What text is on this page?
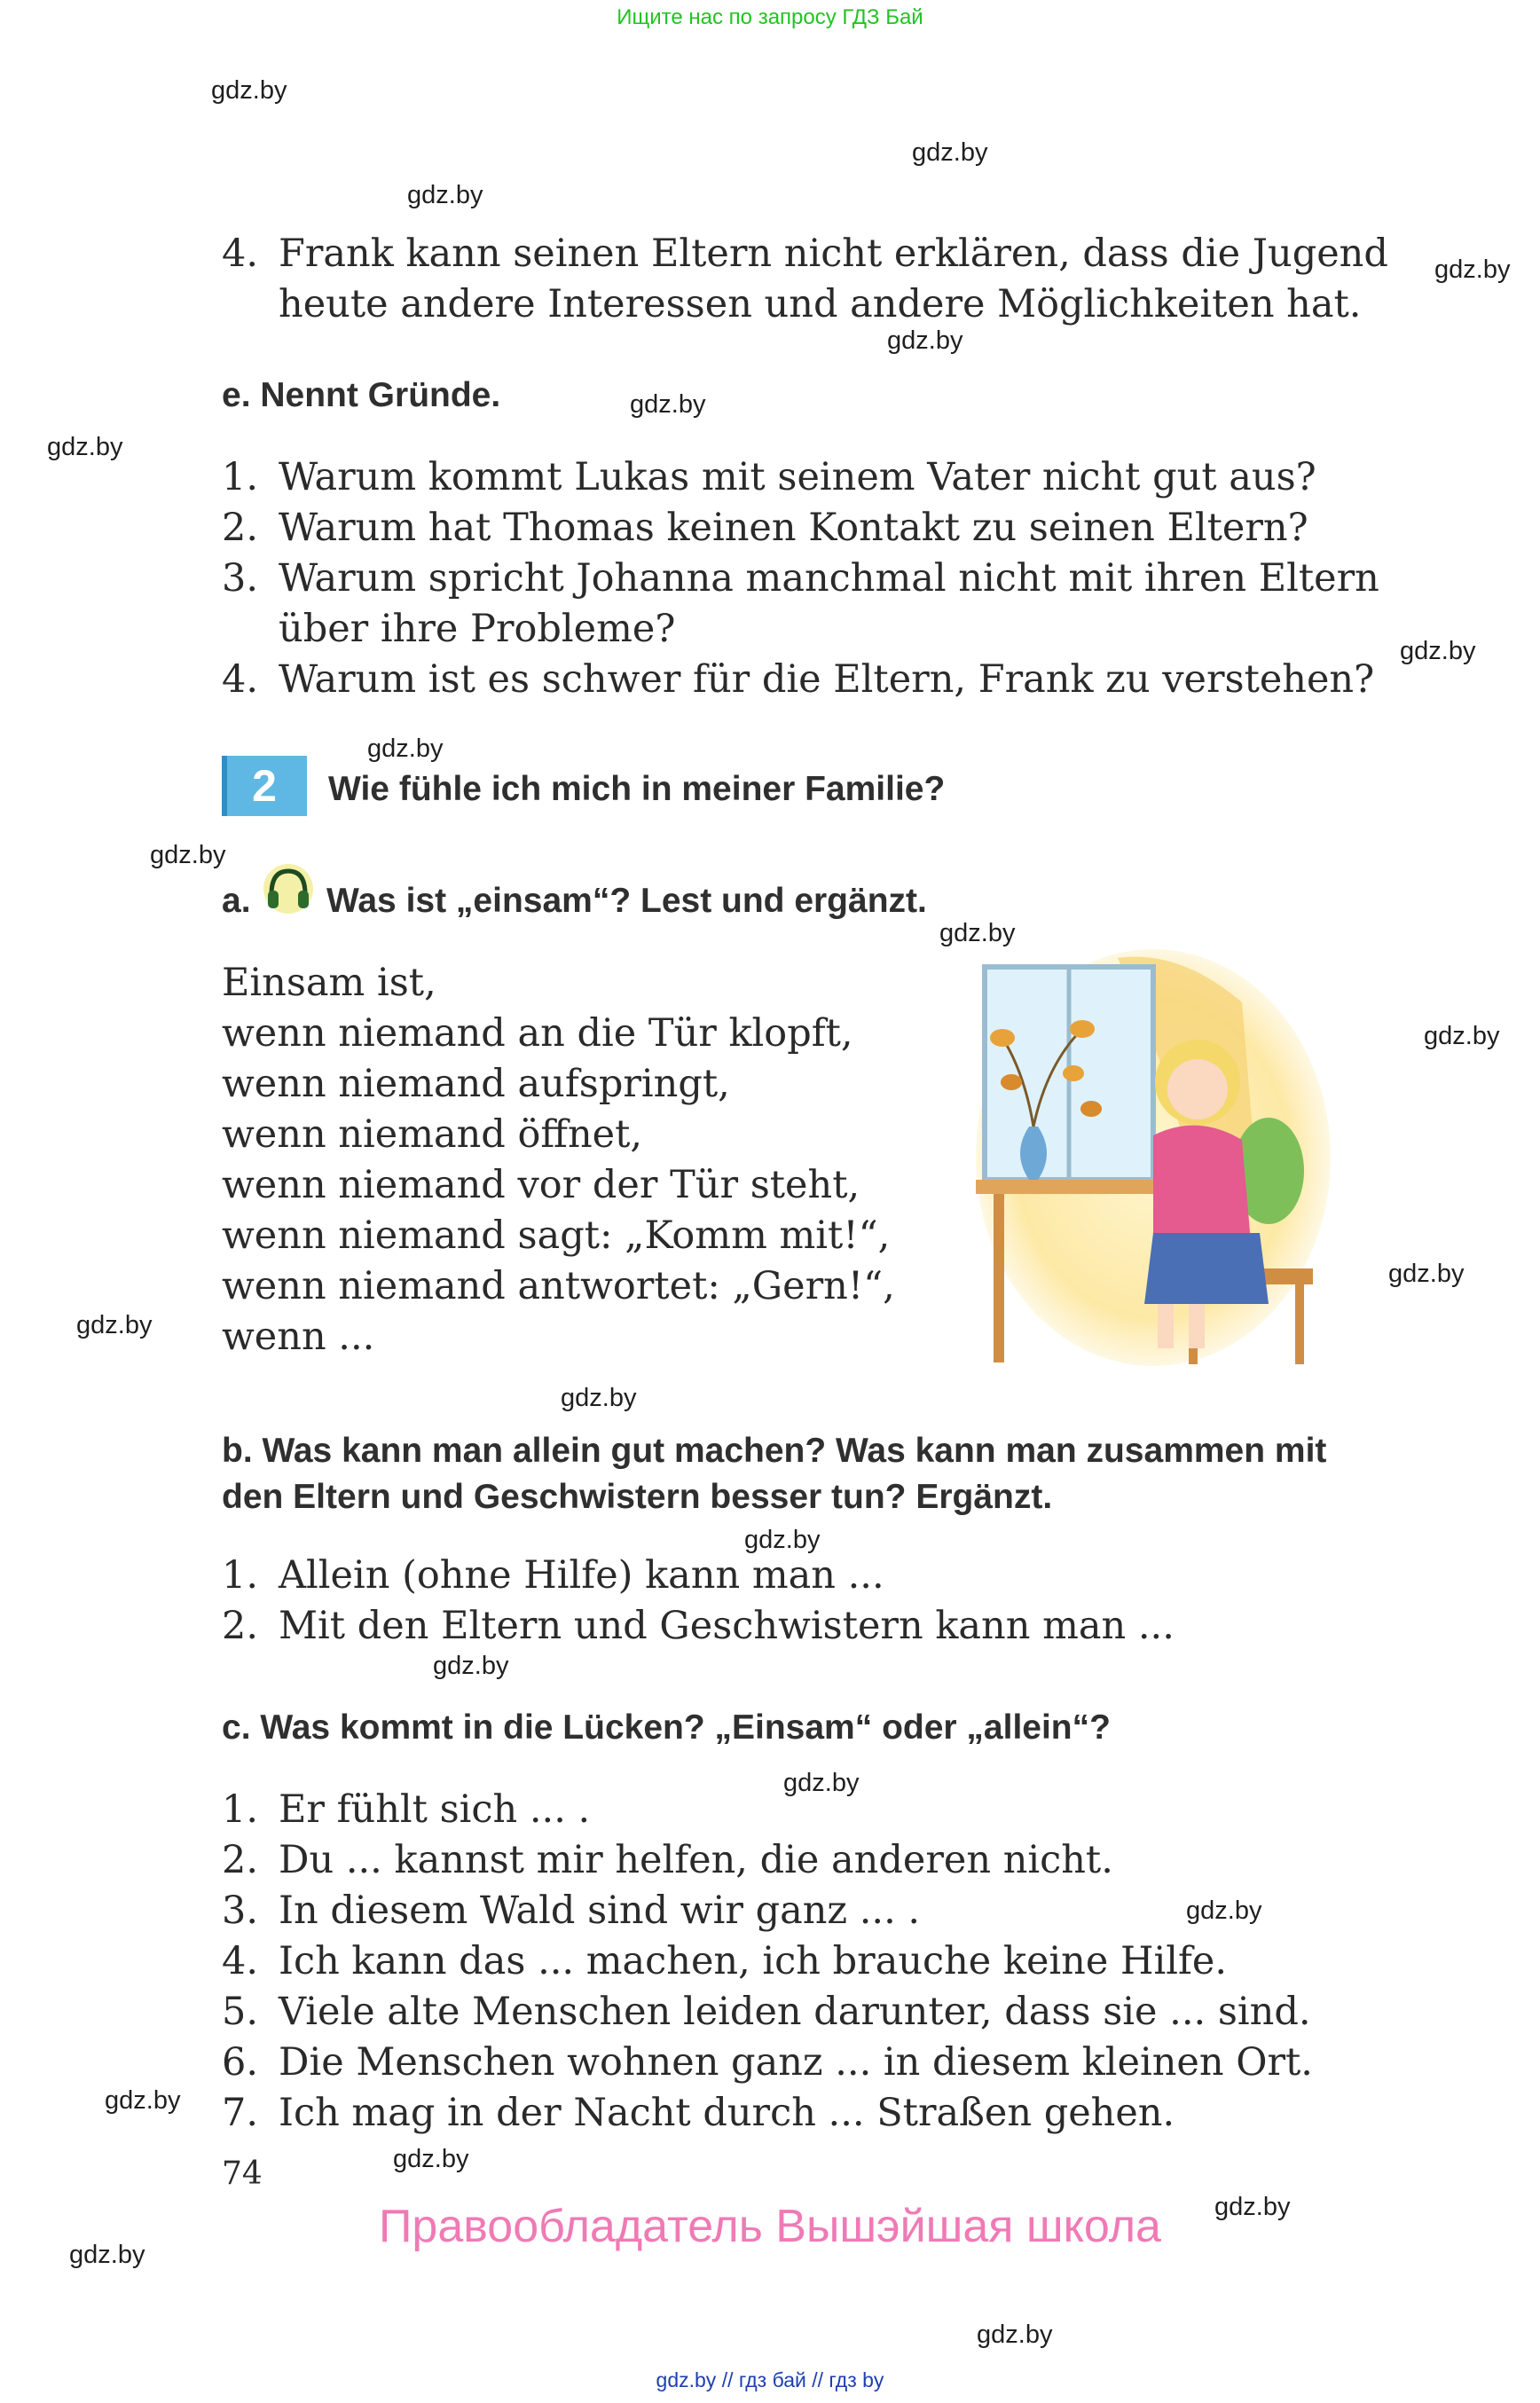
Ищите нас по запросу ГДЗ Бай
gdz.by // гдз бай // гдз by
gdz.by
gdz.by
gdz.by
gdz.by
gdz.by
gdz.by
gdz.by
gdz.by
gdz.by
gdz.by
gdz.by
gdz.by
gdz.by
gdz.by
gdz.by
gdz.by
gdz.by
gdz.by
gdz.by
gdz.by
gdz.by
gdz.by
gdz.by
gdz.by
4. Frank kann seinen Eltern nicht erklären, dass die Jugend
heute andere Interessen und andere Möglichkeiten hat.
e. Nennt Gründe.
1. Warum kommt Lukas mit seinem Vater nicht gut aus?
2. Warum hat Thomas keinen Kontakt zu seinen Eltern?
3. Warum spricht Johanna manchmal nicht mit ihren Eltern
über ihre Probleme?
4. Warum ist es schwer für die Eltern, Frank zu verstehen?
2	Wie fühle ich mich in meiner Familie?
a. Was ist „einsam“? Lest und ergänzt.
Einsam ist,
wenn niemand an die Tür klopft,
wenn niemand aufspringt,
wenn niemand öffnet,
wenn niemand vor der Tür steht,
wenn niemand sagt: „Komm mit!“,
wenn niemand antwortet: „Gern!“,
wenn ...
b. Was kann man allein gut machen? Was kann man zusammen mit
den Eltern und Geschwistern besser tun? Ergänzt.
1. Allein (ohne Hilfe) kann man ...
2. Mit den Eltern und Geschwistern kann man ...
c. Was kommt in die Lücken? „Einsam“ oder „allein“?
1. Er fühlt sich ... .
2. Du ... kannst mir helfen, die anderen nicht.
3. In diesem Wald sind wir ganz ... .
4. Ich kann das ... machen, ich brauche keine Hilfe.
5. Viele alte Menschen leiden darunter, dass sie ... sind.
6. Die Menschen wohnen ganz ... in diesem kleinen Ort.
7. Ich mag in der Nacht durch ... Straßen gehen.
74
Правообладатель Вышэйшая школа
